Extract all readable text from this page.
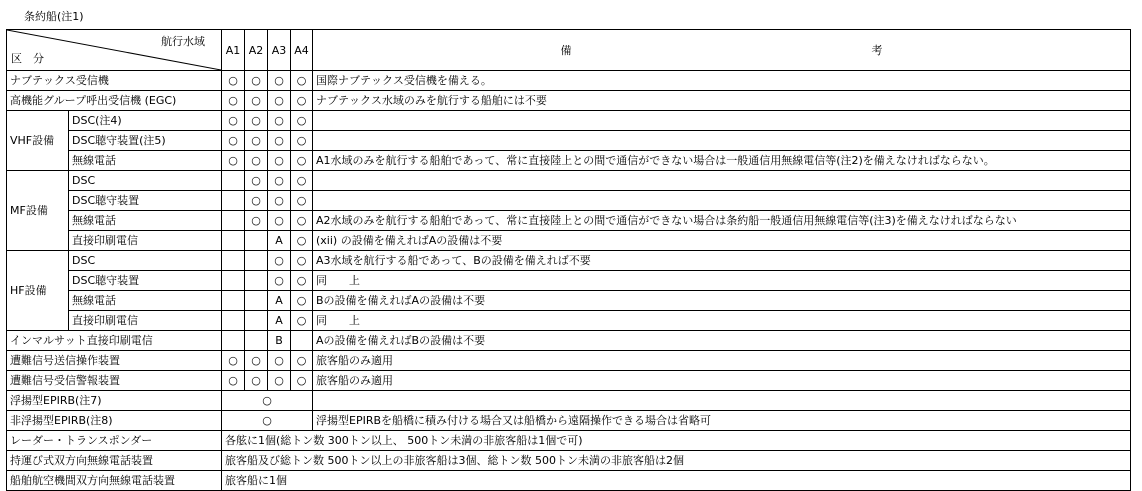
条約船(注1)
航行水域
区　分		A1	A2	A3	A4	備 考
ナブテックス受信機		○	○	○	○	国際ナブテックス受信機を備える。
高機能グループ呼出受信機 (EGC)		○	○	○	○	ナブテックス水域のみを航行する船舶には不要
VHF設備	DSC(注4)	○	○	○	○	
	DSC聴守装置(注5)	○	○	○	○	
	無線電話	○	○	○	○	A1水域のみを航行する船舶であって、常に直接陸上との間で通信ができない場合は一般通信用無線電信等(注2)を備えなければならない。
MF設備	DSC		○	○	○	
	DSC聴守装置		○	○	○	
	無線電話		○	○	○	A2水域のみを航行する船舶であって、常に直接陸上との間で通信ができない場合は条約船一般通信用無線電信等(注3)を備えなければならない
	直接印刷電信			A	○	(xii) の設備を備えればAの設備は不要
HF設備	DSC			○	○	A3水域を航行する船であって、Bの設備を備えれば不要
	DSC聴守装置			○	○	同　　上
	無線電話			A	○	Bの設備を備えればAの設備は不要
	直接印刷電信			A	○	同　　上
インマルサット直接印刷電信				B		Aの設備を備えればBの設備は不要
遭難信号送信操作装置		○	○	○	○	旅客船のみ適用
遭難信号受信警報装置		○	○	○	○	旅客船のみ適用
浮揚型EPIRB(注7)		○				
非浮揚型EPIRB(注8)		○				浮揚型EPIRBを船橋に積み付ける場合又は船橋から遠隔操作できる場合は省略可
レーダー・トランスポンダー		各舷に1個(総トン数 300トン以上、 500トン未満の非旅客船は1個で可)				
持運び式双方向無線電話装置		旅客船及び総トン数 500トン以上の非旅客船は3個、総トン数 500トン未満の非旅客船は2個				
船舶航空機間双方向無線電話装置		旅客船に1個				
